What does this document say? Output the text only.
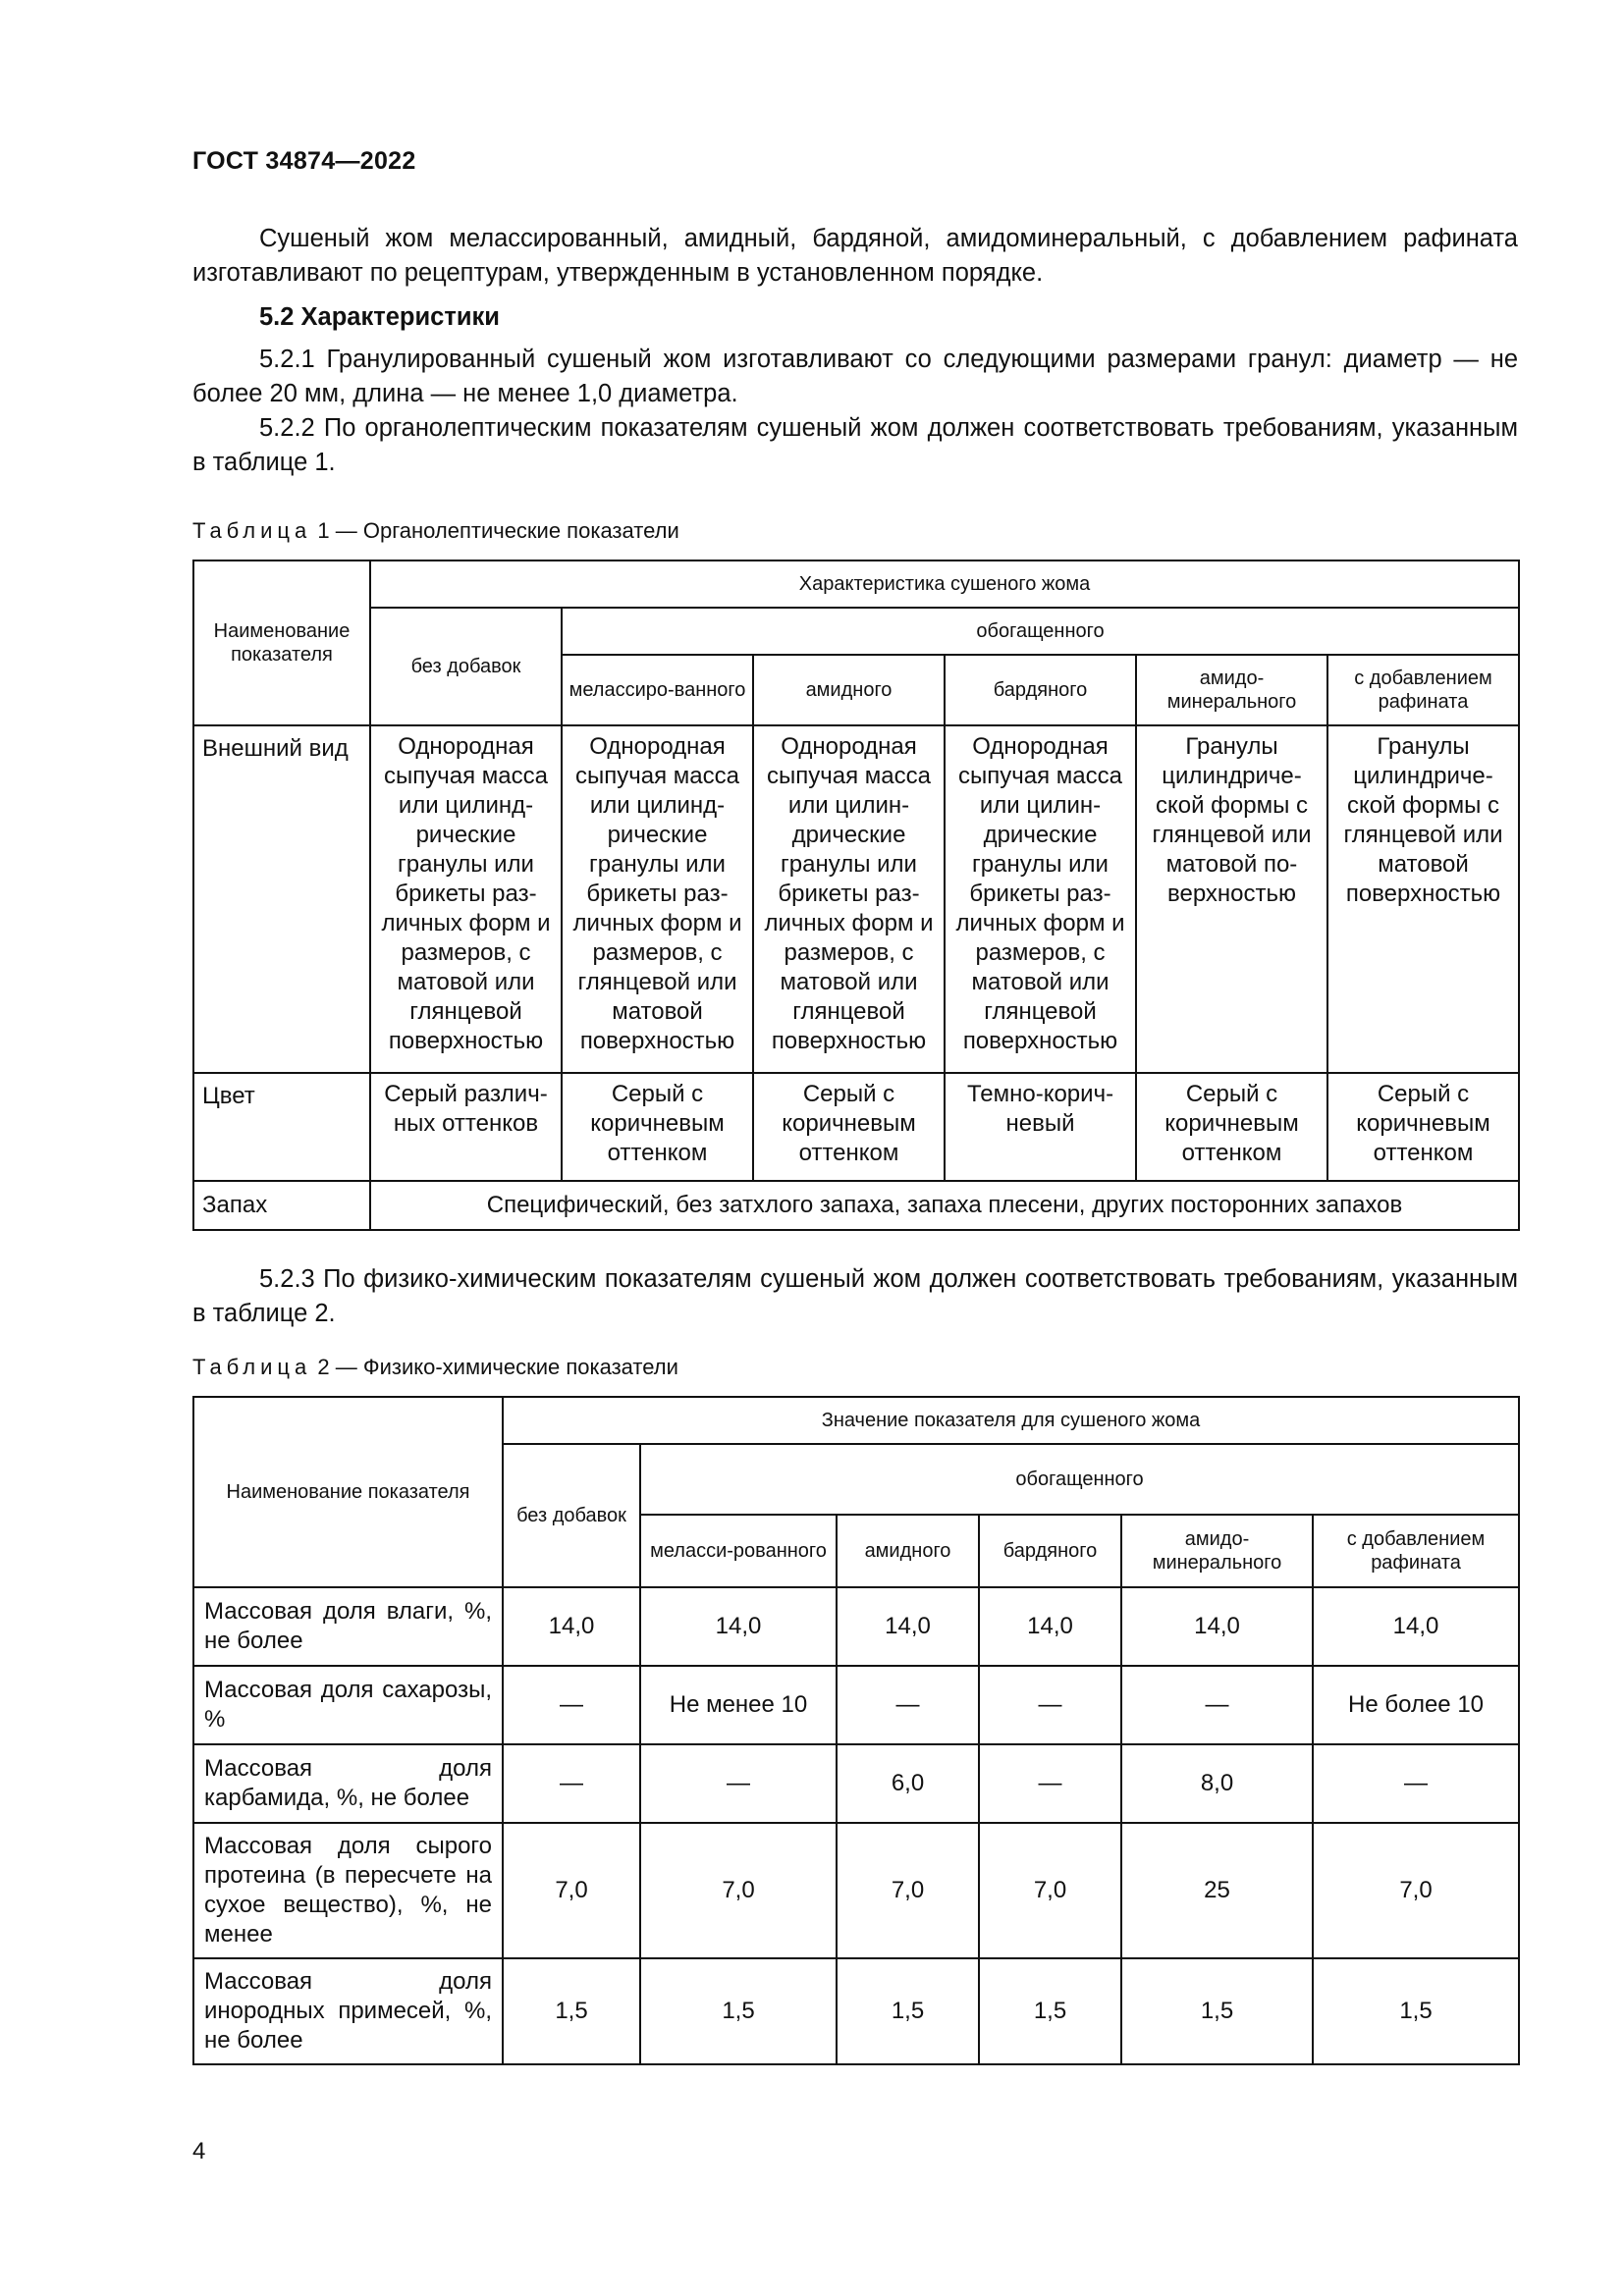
ГОСТ 34874—2022

Сушеный жом мелассированный, амидный, бардяной, амидоминеральный, с добавлением рафината изготавливают по рецептурам, утвержденным в установленном порядке.

5.2 Характеристики

5.2.1 Гранулированный сушеный жом изготавливают со следующими размерами гранул: диаметр — не более 20 мм, длина — не менее 1,0 диаметра.

5.2.2 По органолептическим показателям сушеный жом должен соответствовать требованиям, указанным в таблице 1.

Таблица 1 — Органолептические показатели
Наименование показателя	Характеристика сушеного жома					
	без добавок	обогащенного				
		мелассиро-ванного	амидного	бардяного	амидо-минерального	с добавлением рафината
Внешний вид	Однородная сыпучая масса или цилинд-рические гранулы или брикеты раз-личных форм и размеров, с матовой или глянцевой поверхностью	Однородная сыпучая масса или цилинд-рические гранулы или брикеты раз-личных форм и размеров, с глянцевой или матовой поверхностью	Однородная сыпучая масса или цилин-дрические гранулы или брикеты раз-личных форм и размеров, с матовой или глянцевой поверхностью	Однородная сыпучая масса или цилин-дрические гранулы или брикеты раз-личных форм и размеров, с матовой или глянцевой поверхностью	Гранулы цилиндриче-ской формы с глянцевой или матовой по-верхностью	Гранулы цилиндриче-ской формы с глянцевой или матовой поверхностью
Цвет	Серый различ-ных оттенков	Серый с коричневым оттенком	Серый с коричневым оттенком	Темно-корич-невый	Серый с коричневым оттенком	Серый с коричневым оттенком
Запах	Специфический, без затхлого запаха, запаха плесени, других посторонних запахов					

5.2.3 По физико-химическим показателям сушеный жом должен соответствовать требованиям, указанным в таблице 2.

Таблица 2 — Физико-химические показатели
Наименование показателя	Значение показателя для сушеного жома					
	без добавок	обогащенного				
		меласси-рованного	амидного	бардяного	амидо-минерального	с добавлением рафината
Массовая доля влаги, %, не более	14,0	14,0	14,0	14,0	14,0	14,0
Массовая доля сахарозы, %	—	Не менее 10	—	—	—	Не более 10
Массовая доля карбамида, %, не более	—	—	6,0	—	8,0	—
Массовая доля сырого протеина (в пересчете на сухое вещество), %, не менее	7,0	7,0	7,0	7,0	25	7,0
Массовая доля инородных примесей, %, не более	1,5	1,5	1,5	1,5	1,5	1,5
4
